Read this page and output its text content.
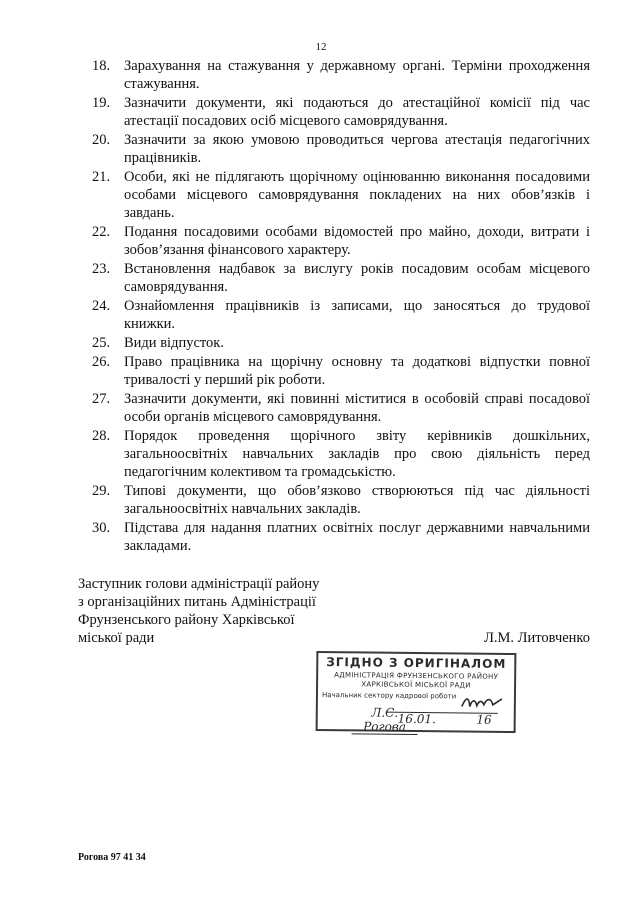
12
18. Зарахування на стажування у державному органі. Терміни проходження стажування.
19. Зазначити документи, які подаються до атестаційної комісії під час атестації посадових осіб місцевого самоврядування.
20. Зазначити за якою умовою проводиться чергова атестація педагогічних працівників.
21. Особи, які не підлягають щорічному оцінюванню виконання посадовими особами місцевого самоврядування покладених на них обов’язків і завдань.
22. Подання посадовими особами відомостей про майно, доходи, витрати і зобов’язання фінансового характеру.
23. Встановлення надбавок за вислугу років посадовим особам місцевого самоврядування.
24. Ознайомлення працівників із записами, що заносяться до трудової книжки.
25. Види відпусток.
26. Право працівника на щорічну основну та додаткові відпустки повної тривалості у перший рік роботи.
27. Зазначити документи, які повинні міститися в особовій справі посадової особи органів місцевого самоврядування.
28. Порядок проведення щорічного звіту керівників дошкільних, загальноосвітніх навчальних закладів про свою діяльність перед педагогічним колективом та громадськістю.
29. Типові документи, що обов’язково створюються під час діяльності загальноосвітніх навчальних закладів.
30. Підстава для надання платних освітніх послуг державними навчальними закладами.
Заступник голови адміністрації району
з організаційних питань Адміністрації
Фрунзенського району Харківської
міської ради	Л.М. Литовченко
ЗГІДНО З ОРИГІНАЛОМ
АДМІНІСТРАЦІЯ ФРУНЗЕНСЬКОГО РАЙОНУ
ХАРКІВСЬКОЇ МІСЬКОЇ РАДИ
Начальник сектору кадрової роботи
Л.С. Рогова
16.01.	16
Рогова 97 41 34
